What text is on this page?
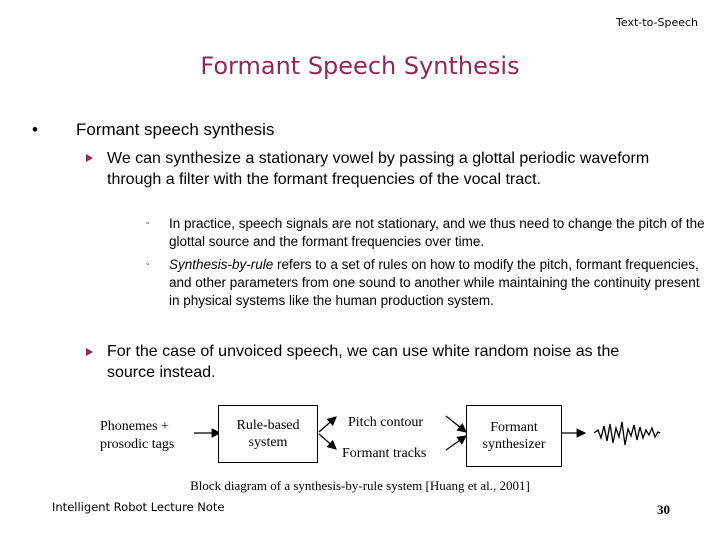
Text-to-Speech
Formant Speech Synthesis
• Formant speech synthesis
We can synthesize a stationary vowel by passing a glottal periodic waveform through a filter with the formant frequencies of the vocal tract.
◦ In practice, speech signals are not stationary, and we thus need to change the pitch of the glottal source and the formant frequencies over time.
◦ Synthesis-by-rule refers to a set of rules on how to modify the pitch, formant frequencies, and other parameters from one sound to another while maintaining the continuity present in physical systems like the human production system.
For the case of unvoiced speech, we can use white random noise as the source instead.
Phonemes + prosodic tags
Rule-based system
Pitch contour
Formant tracks
Formant synthesizer
Block diagram of a synthesis-by-rule system [Huang et al., 2001]
Intelligent Robot Lecture Note	30
